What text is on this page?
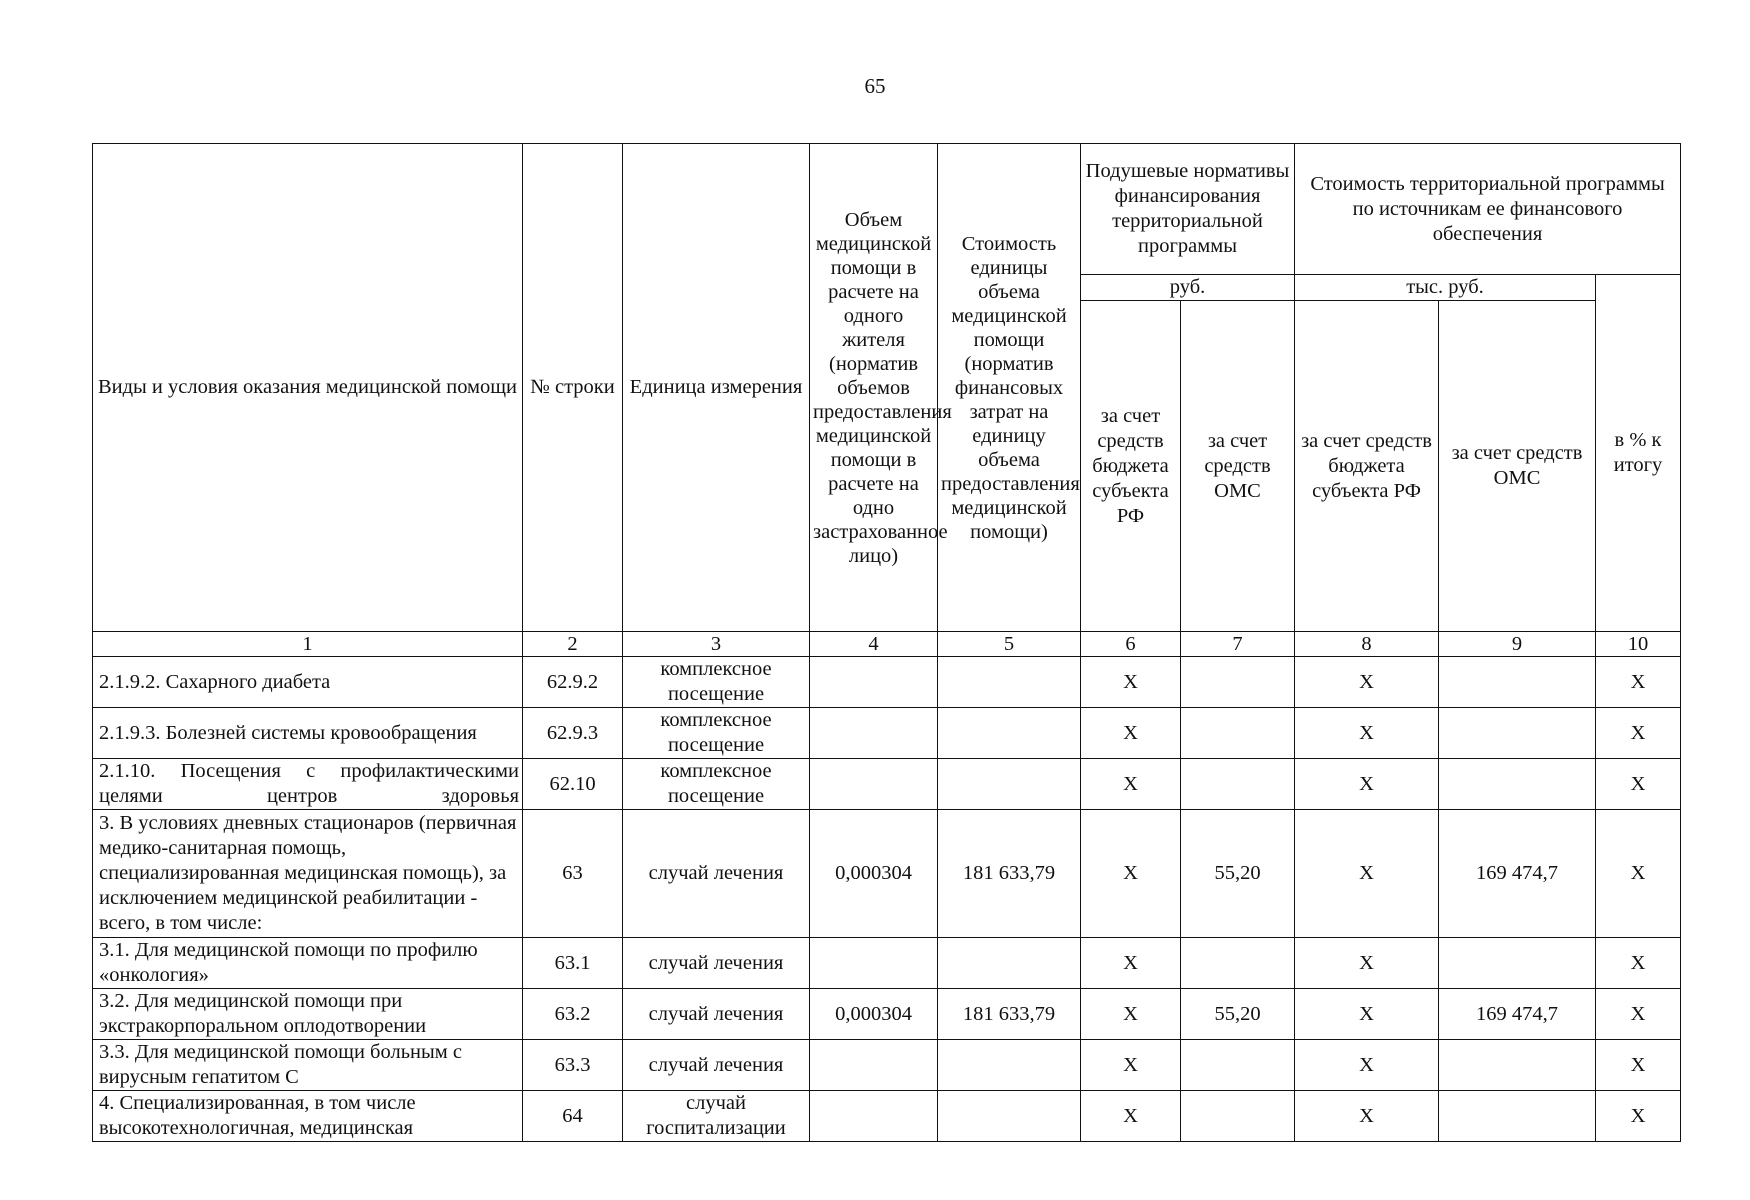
65
Виды и условия оказания медицинской помощи	№ строки	Единица измерения	Объем медицинской помощи в расчете на одного жителя (норматив объемов предоставления медицинской помощи в расчете на одно застрахованное лицо)	Стоимость единицы объема медицинской помощи (норматив финансовых затрат на единицу объема предоставления медицинской помощи)	Подушевые нормативы финансирования территориальной программы		Стоимость территориальной программы по источникам ее финансового обеспечения		
					руб.		тыс. руб.		в % к итогу
					за счет средств бюджета субъекта РФ	за счет средств ОМС	за счет средств бюджета субъекта РФ	за счет средств ОМС	
1	2	3	4	5	6	7	8	9	10
2.1.9.2. Сахарного диабета	62.9.2	комплексное посещение			X		X		X
2.1.9.3. Болезней системы кровообращения	62.9.3	комплексное посещение			X		X		X
2.1.10. Посещения с профилактическими целями центров здоровья	62.10	комплексное посещение			X		X		X
3. В условиях дневных стационаров (первичная медико-санитарная помощь, специализированная медицинская помощь), за исключением медицинской реабилитации - всего, в том числе:	63	случай лечения	0,000304	181 633,79	X	55,20	X	169 474,7	X
3.1. Для медицинской помощи по профилю «онкология»	63.1	случай лечения			X		X		X
3.2. Для медицинской помощи при экстракорпоральном оплодотворении	63.2	случай лечения	0,000304	181 633,79	X	55,20	X	169 474,7	X
3.3. Для медицинской помощи больным с вирусным гепатитом С	63.3	случай лечения			X		X		X
4. Специализированная, в том числе высокотехнологичная, медицинская	64	случай госпитализации			X		X		X
